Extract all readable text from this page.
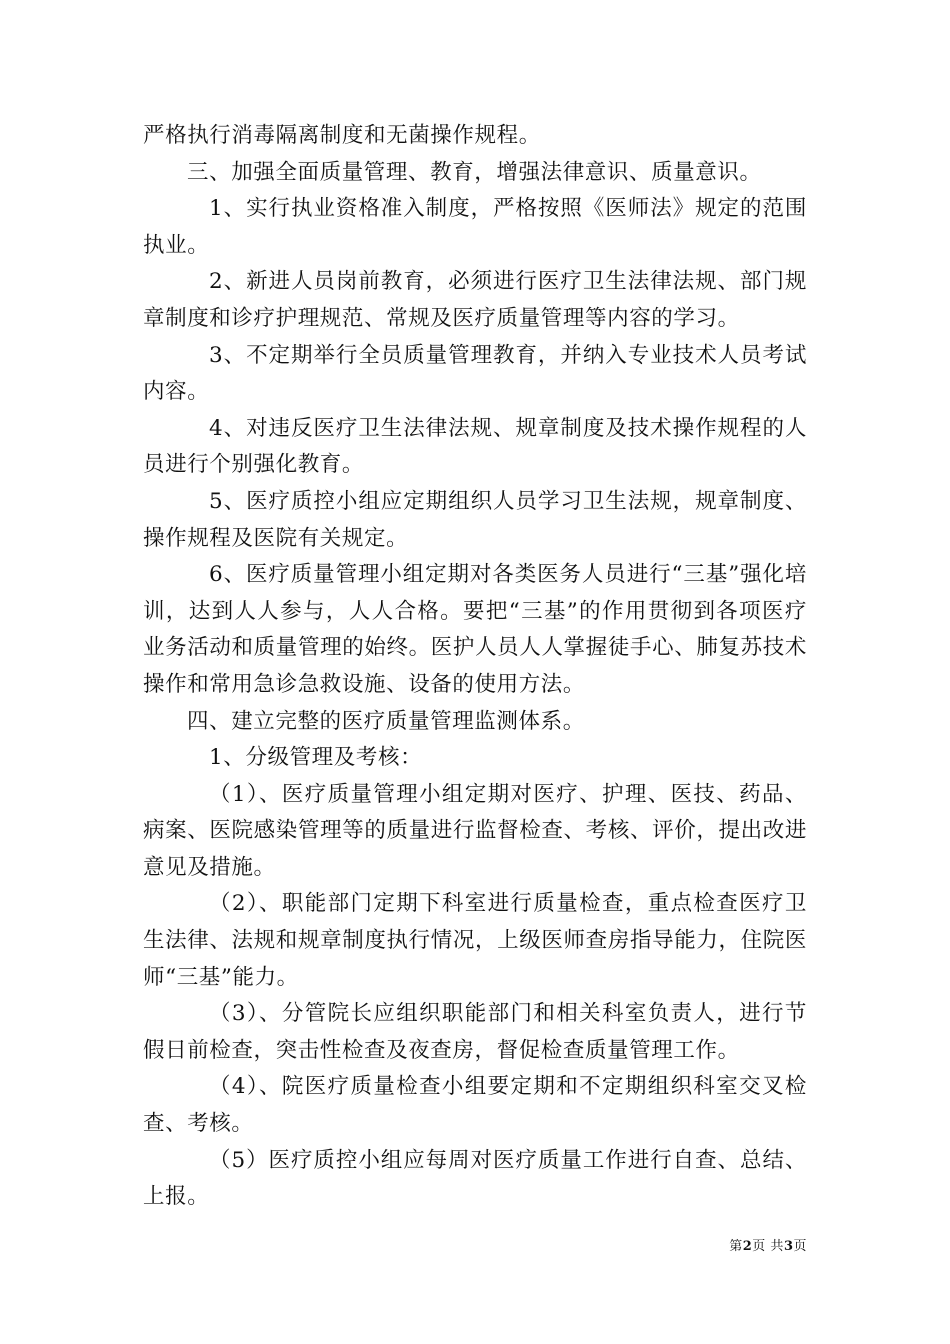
严格执行消毒隔离制度和无菌操作规程。

三、加强全面质量管理、教育，增强法律意识、质量意识。

1、实行执业资格准入制度，严格按照《医师法》规定的范围执业。

2、新进人员岗前教育，必须进行医疗卫生法律法规、部门规章制度和诊疗护理规范、常规及医疗质量管理等内容的学习。

3、不定期举行全员质量管理教育，并纳入专业技术人员考试内容。

4、对违反医疗卫生法律法规、规章制度及技术操作规程的人员进行个别强化教育。

5、医疗质控小组应定期组织人员学习卫生法规，规章制度、操作规程及医院有关规定。

6、医疗质量管理小组定期对各类医务人员进行“三基”强化培训，达到人人参与，人人合格。要把“三基”的作用贯彻到各项医疗业务活动和质量管理的始终。医护人员人人掌握徒手心、肺复苏技术操作和常用急诊急救设施、设备的使用方法。

四、建立完整的医疗质量管理监测体系。

1、分级管理及考核：

（1）、医疗质量管理小组定期对医疗、护理、医技、药品、病案、医院感染管理等的质量进行监督检查、考核、评价，提出改进意见及措施。

（2）、职能部门定期下科室进行质量检查，重点检查医疗卫生法律、法规和规章制度执行情况，上级医师查房指导能力，住院医师“三基”能力。

（3）、分管院长应组织职能部门和相关科室负责人，进行节假日前检查，突击性检查及夜查房，督促检查质量管理工作。

（4）、院医疗质量检查小组要定期和不定期组织科室交叉检查、考核。

（5）医疗质控小组应每周对医疗质量工作进行自查、总结、上报。

第2页 共3页
